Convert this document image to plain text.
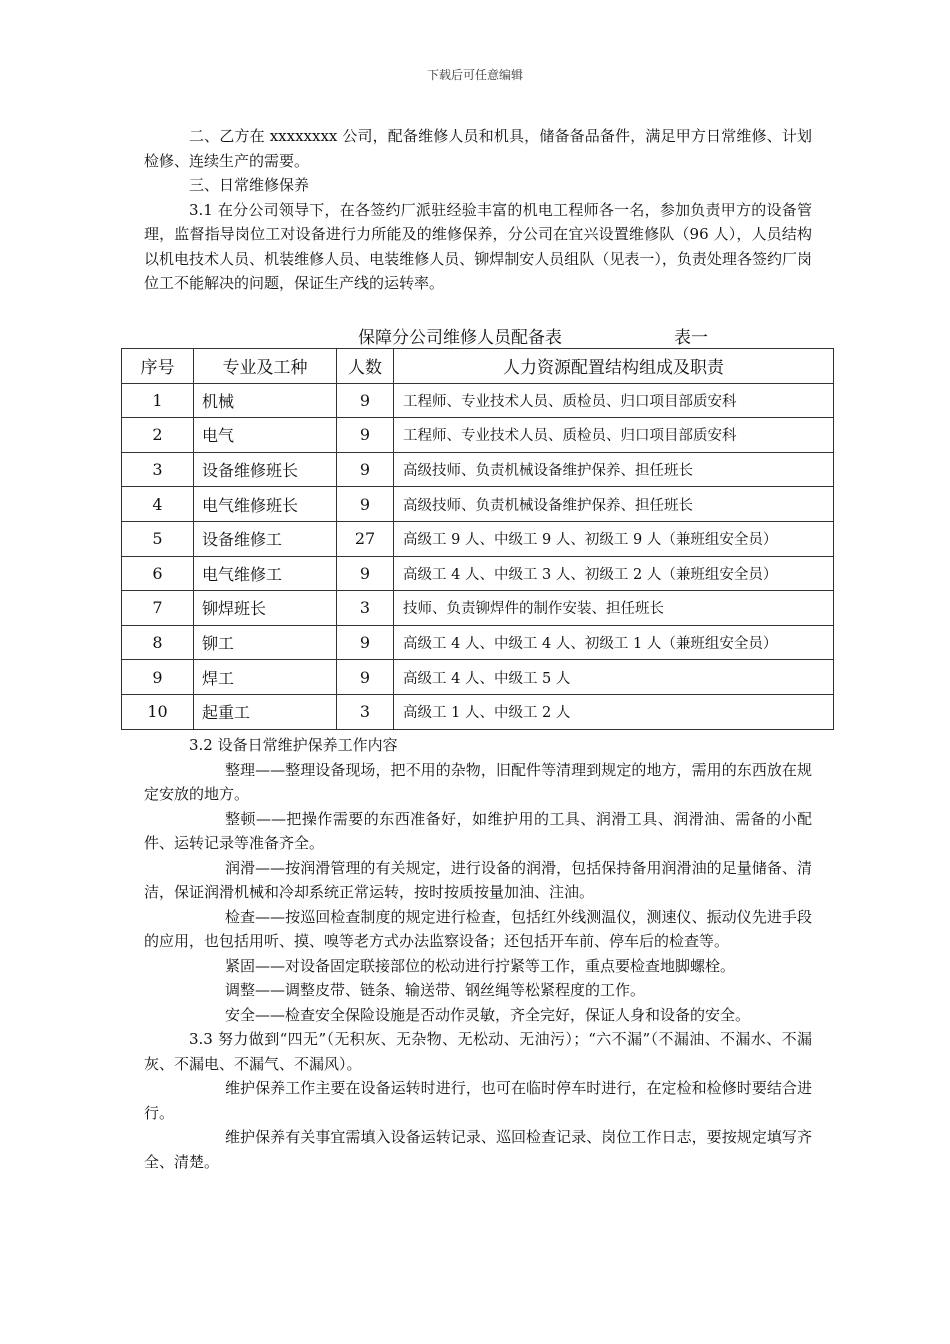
下载后可任意编辑

二、乙方在 xxxxxxxx 公司，配备维修人员和机具，储备备品备件，满足甲方日常维修、计划检修、连续生产的需要。

三、日常维修保养

3.1 在分公司领导下，在各签约厂派驻经验丰富的机电工程师各一名，参加负责甲方的设备管理，监督指导岗位工对设备进行力所能及的维修保养，分公司在宜兴设置维修队（96 人），人员结构以机电技术人员、机装维修人员、电装维修人员、铆焊制安人员组队（见表一），负责处理各签约厂岗位工不能解决的问题，保证生产线的运转率。

保障分公司维修人员配备表	表一
序号	专业及工种	人数	人力资源配置结构组成及职责
1	机械	9	工程师、专业技术人员、质检员、归口项目部质安科
2	电气	9	工程师、专业技术人员、质检员、归口项目部质安科
3	设备维修班长	9	高级技师、负责机械设备维护保养、担任班长
4	电气维修班长	9	高级技师、负责机械设备维护保养、担任班长
5	设备维修工	27	高级工 9 人、中级工 9 人、初级工 9 人（兼班组安全员）
6	电气维修工	9	高级工 4 人、中级工 3 人、初级工 2 人（兼班组安全员）
7	铆焊班长	3	技师、负责铆焊件的制作安装、担任班长
8	铆工	9	高级工 4 人、中级工 4 人、初级工 1 人（兼班组安全员）
9	焊工	9	高级工 4 人、中级工 5 人
10	起重工	3	高级工 1 人、中级工 2 人

3.2 设备日常维护保养工作内容

整理——整理设备现场，把不用的杂物，旧配件等清理到规定的地方，需用的东西放在规定安放的地方。

整顿——把操作需要的东西准备好，如维护用的工具、润滑工具、润滑油、需备的小配件、运转记录等准备齐全。

润滑——按润滑管理的有关规定，进行设备的润滑，包括保持备用润滑油的足量储备、清洁，保证润滑机械和冷却系统正常运转，按时按质按量加油、注油。

检查——按巡回检查制度的规定进行检查，包括红外线测温仪，测速仪、振动仪先进手段的应用，也包括用听、摸、嗅等老方式办法监察设备；还包括开车前、停车后的检查等。

紧固——对设备固定联接部位的松动进行拧紧等工作，重点要检查地脚螺栓。

调整——调整皮带、链条、输送带、钢丝绳等松紧程度的工作。

安全——检查安全保险设施是否动作灵敏，齐全完好，保证人身和设备的安全。

3.3 努力做到“四无”（无积灰、无杂物、无松动、无油污）；“六不漏”（不漏油、不漏水、不漏灰、不漏电、不漏气、不漏风）。

维护保养工作主要在设备运转时进行，也可在临时停车时进行，在定检和检修时要结合进行。

维护保养有关事宜需填入设备运转记录、巡回检查记录、岗位工作日志，要按规定填写齐全、清楚。
